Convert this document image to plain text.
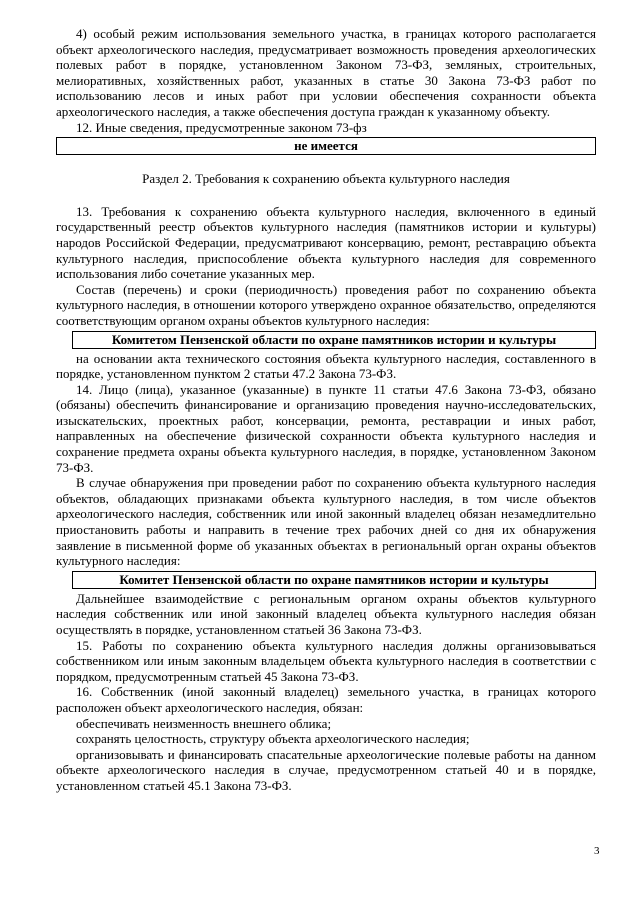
4) особый режим использования земельного участка, в границах которого располагается объект археологического наследия, предусматривает возможность проведения археологических полевых работ в порядке, установленном Законом 73-ФЗ, земляных, строительных, мелиоративных, хозяйственных работ, указанных в статье 30 Закона 73-ФЗ работ по использованию лесов и иных работ при условии обеспечения сохранности объекта археологического наследия, а также обеспечения доступа граждан к указанному объекту.

12. Иные сведения, предусмотренные законом 73-фз

не имеется
Раздел 2. Требования к сохранению объекта культурного наследия

13. Требования к сохранению объекта культурного наследия, включенного в единый государственный реестр объектов культурного наследия (памятников истории и культуры) народов Российской Федерации, предусматривают консервацию, ремонт, реставрацию объекта культурного наследия, приспособление объекта культурного наследия для современного использования либо сочетание указанных мер.

Состав (перечень) и сроки (периодичность) проведения работ по сохранению объекта культурного наследия, в отношении которого утверждено охранное обязательство, определяются соответствующим органом охраны объектов культурного наследия:

Комитетом Пензенской области по охране памятников истории и культуры

на основании акта технического состояния объекта культурного наследия, составленного в порядке, установленном пунктом 2 статьи 47.2 Закона 73-ФЗ.

14. Лицо (лица), указанное (указанные) в пункте 11 статьи 47.6 Закона 73-ФЗ, обязано (обязаны) обеспечить финансирование и организацию проведения научно-исследовательских, изыскательских, проектных работ, консервации, ремонта, реставрации и иных работ, направленных на обеспечение физической сохранности объекта культурного наследия и сохранение предмета охраны объекта культурного наследия, в порядке, установленном Законом 73-ФЗ.

В случае обнаружения при проведении работ по сохранению объекта культурного наследия объектов, обладающих признаками объекта культурного наследия, в том числе объектов археологического наследия, собственник или иной законный владелец обязан незамедлительно приостановить работы и направить в течение трех рабочих дней со дня их обнаружения заявление в письменной форме об указанных объектах в региональный орган охраны объектов культурного наследия:

Комитет Пензенской области по охране памятников истории и культуры

Дальнейшее взаимодействие с региональным органом охраны объектов культурного наследия собственник или иной законный владелец объекта культурного наследия обязан осуществлять в порядке, установленном статьей 36 Закона 73-ФЗ.

15. Работы по сохранению объекта культурного наследия должны организовываться собственником или иным законным владельцем объекта культурного наследия в соответствии с порядком, предусмотренным статьей 45 Закона 73-ФЗ.

16. Собственник (иной законный владелец) земельного участка, в границах которого расположен объект археологического наследия, обязан:

обеспечивать неизменность внешнего облика;

сохранять целостность, структуру объекта археологического наследия;

организовывать и финансировать спасательные археологические полевые работы на данном объекте археологического наследия в случае, предусмотренном статьей 40 и в порядке, установленном статьей 45.1 Закона 73-ФЗ.

3
